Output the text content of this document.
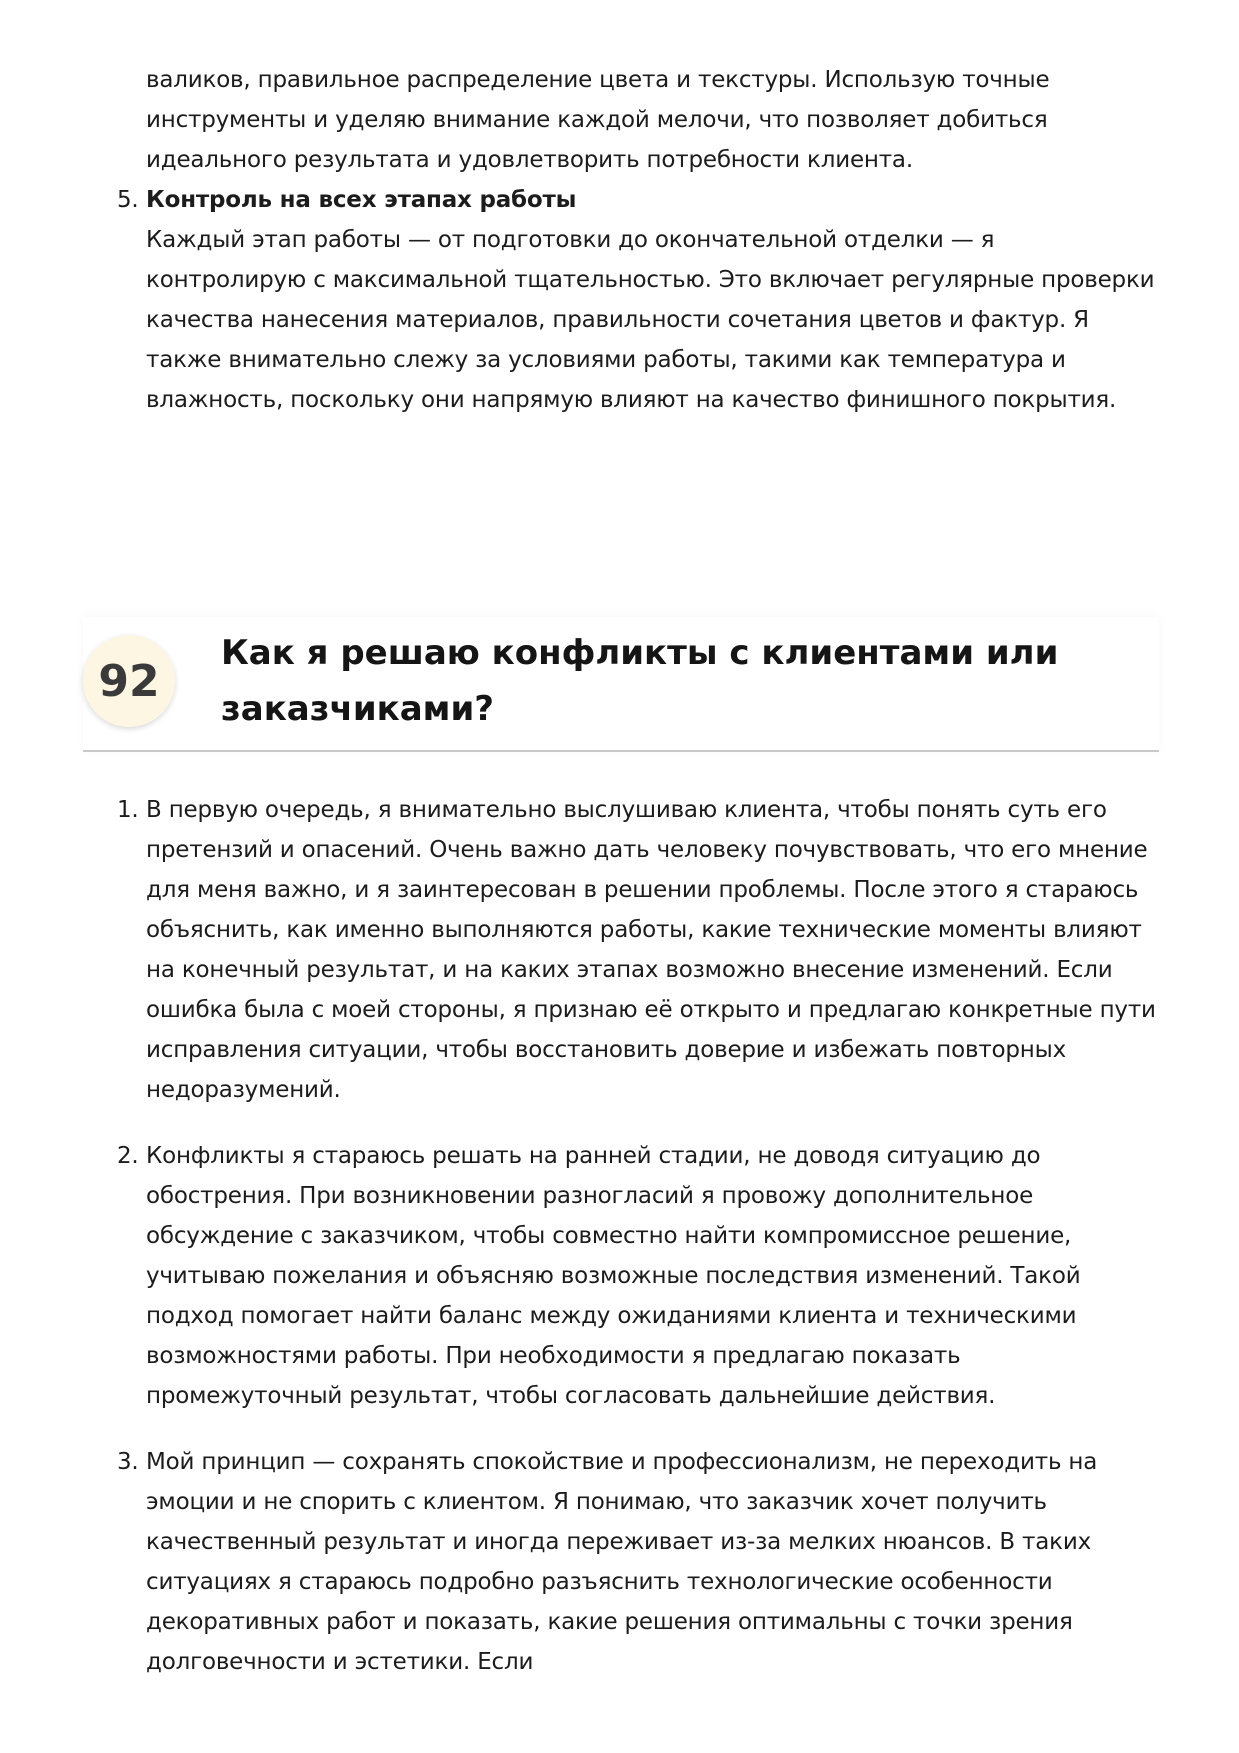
валиков, правильное распределение цвета и текстуры. Использую точные инструменты и уделяю внимание каждой мелочи, что позволяет добиться идеального результата и удовлетворить потребности клиента.

5. Контроль на всех этапах работы
Каждый этап работы — от подготовки до окончательной отделки — я контролирую с максимальной тщательностью. Это включает регулярные проверки качества нанесения материалов, правильности сочетания цветов и фактур. Я также внимательно слежу за условиями работы, такими как температура и влажность, поскольку они напрямую влияют на качество финишного покрытия.
92
Как я решаю конфликты с клиентами или заказчиками?
1. В первую очередь, я внимательно выслушиваю клиента, чтобы понять суть его претензий и опасений. Очень важно дать человеку почувствовать, что его мнение для меня важно, и я заинтересован в решении проблемы. После этого я стараюсь объяснить, как именно выполняются работы, какие технические моменты влияют на конечный результат, и на каких этапах возможно внесение изменений. Если ошибка была с моей стороны, я признаю её открыто и предлагаю конкретные пути исправления ситуации, чтобы восстановить доверие и избежать повторных недоразумений.
2. Конфликты я стараюсь решать на ранней стадии, не доводя ситуацию до обострения. При возникновении разногласий я провожу дополнительное обсуждение с заказчиком, чтобы совместно найти компромиссное решение, учитываю пожелания и объясняю возможные последствия изменений. Такой подход помогает найти баланс между ожиданиями клиента и техническими возможностями работы. При необходимости я предлагаю показать промежуточный результат, чтобы согласовать дальнейшие действия.
3. Мой принцип — сохранять спокойствие и профессионализм, не переходить на эмоции и не спорить с клиентом. Я понимаю, что заказчик хочет получить качественный результат и иногда переживает из-за мелких нюансов. В таких ситуациях я стараюсь подробно разъяснить технологические особенности декоративных работ и показать, какие решения оптимальны с точки зрения долговечности и эстетики. Если
